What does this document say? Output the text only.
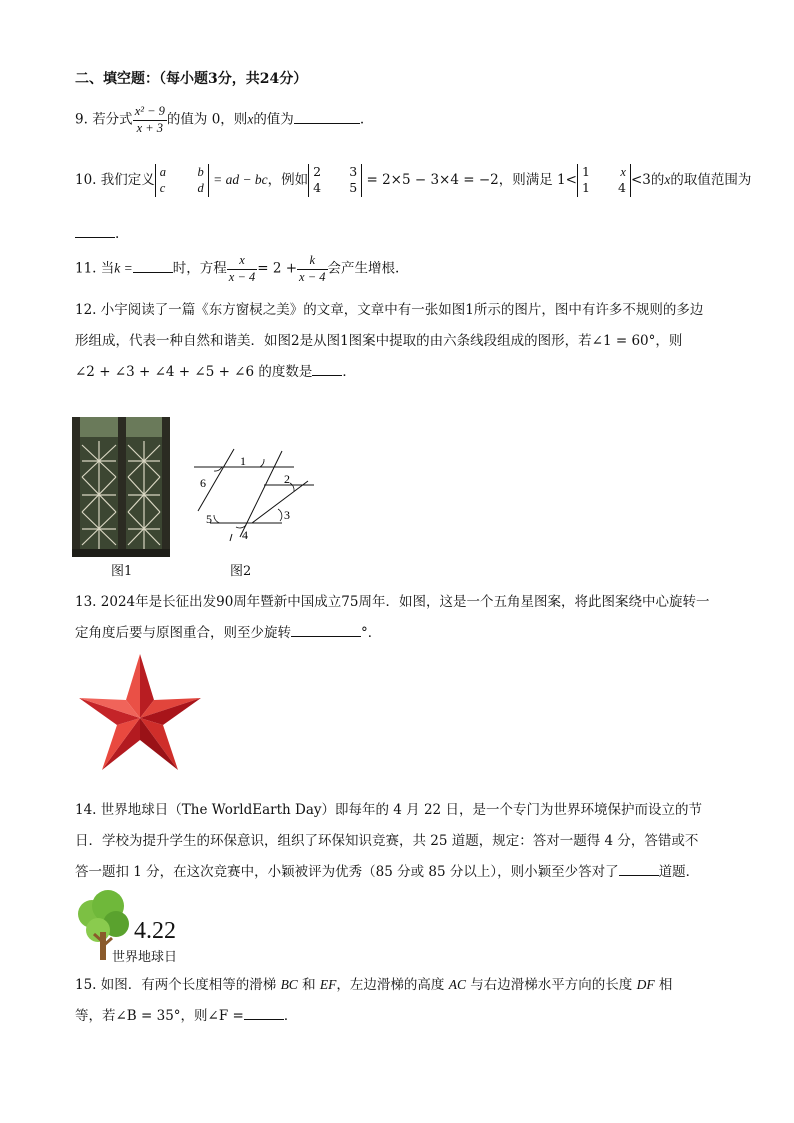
二、填空题：（每小题3分，共24分）
9. 若分式 $\frac{\text{x² − 9}}{x + 3}$ 的值为 0，则x的值为	.
10. 我们定义 a	b
c	d = ad − bc，例如2 3
4 5 = 2×5 − 3×4 = −2，则满足 1<1 x
1 4 <3的x的取值范围为
.
11. 当k =	时，方程 $\frac{x}{x - 4} = 2 + \frac{k}{x - 4}$ 会产生增根.
12. 小宇阅读了一篇《东方窗棂之美》的文章，文章中有一张如图1所示的图片，图中有许多不规则的多边
形组成，代表一种自然和谐美．如图2是从图1图案中提取的由六条线段组成的图形，若∠1 = 60°，则
∠2 + ∠3 + ∠4 + ∠5 + ∠6 的度数是 ．
图1
1
2
3
4
5
6
图2
13. 2024年是长征出发90周年暨新中国成立75周年．如图，这是一个五角星图案，将此图案绕中心旋转一
定角度后要与原图重合，则至少旋转	°．
14. 世界地球日（The WorldEarth Day）即每年的 4 月 22 日，是一个专门为世界环境保护而设立的节
日．学校为提升学生的环保意识，组织了环保知识竞赛，共 25 道题，规定：答对一题得 4 分，答错或不
答一题扣 1 分，在这次竞赛中，小颖被评为优秀（85 分或 85 分以上），则小颖至少答对了	道题．
4.22
世界地球日
15. 如图．有两个长度相等的滑梯 BC 和 EF，左边滑梯的高度 AC 与右边滑梯水平方向的长度 DF 相
等，若∠B = 35°，则∠F =	．
